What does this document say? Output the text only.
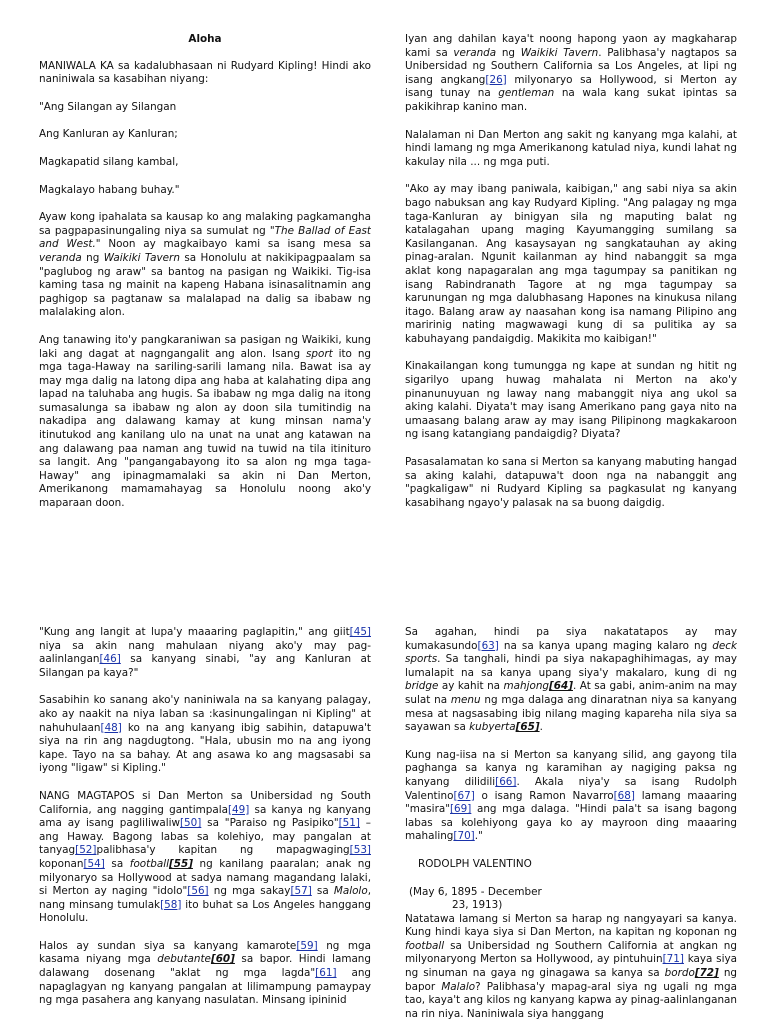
Aloha

MANIWALA KA sa kadalubhasaan ni Rudyard Kipling! Hindi ako naniniwala sa kasabihan niyang:

"Ang Silangan ay Silangan

Ang Kanluran ay Kanluran;

Magkapatid silang kambal,

Magkalayo habang buhay."

Ayaw kong ipahalata sa kausap ko ang malaking pagkamangha sa pagpapasinungaling niya sa sumulat ng "The Ballad of East and West." Noon ay magkaibayo kami sa isang mesa sa veranda ng Waikiki Tavern sa Honolulu at nakikipagpaalam sa "paglubog ng araw" sa bantog na pasigan ng Waikiki. Tig-isa kaming tasa ng mainit na kapeng Habana isinasalitnamin ang paghigop sa pagtanaw sa malalapad na dalig sa ibabaw ng malalaking alon.

Ang tanawing ito'y pangkaraniwan sa pasigan ng Waikiki, kung laki ang dagat at nagngangalit ang alon. Isang sport ito ng mga taga-Haway na sariling-sarili lamang nila. Bawat isa ay may mga dalig na latong dipa ang haba at kalahating dipa ang lapad na taluhaba ang hugis. Sa ibabaw ng mga dalig na itong sumasalunga sa ibabaw ng alon ay doon sila tumitindig na nakadipa ang dalawang kamay at kung minsan nama'y itinutukod ang kanilang ulo na unat na unat ang katawan na ang dalawang paa naman ang tuwid na tuwid na tila itinituro sa langit. Ang "pangangabayong ito sa alon ng mga taga-Haway" ang ipinagmamalaki sa akin ni Dan Merton, Amerikanong mamamahayag sa Honolulu noong ako'y maparaan doon.

Iyan ang dahilan kaya't noong hapong yaon ay magkaharap kami sa veranda ng Waikiki Tavern. Palibhasa'y nagtapos sa Unibersidad ng Southern California sa Los Angeles, at lipi ng isang angkang[26] milyonaryo sa Hollywood, si Merton ay isang tunay na gentleman na wala kang sukat ipintas sa pakikihrap kanino man.

Nalalaman ni Dan Merton ang sakit ng kanyang mga kalahi, at hindi lamang ng mga Amerikanong katulad niya, kundi lahat ng kakulay nila ... ng mga puti.

"Ako ay may ibang paniwala, kaibigan," ang sabi niya sa akin bago nabuksan ang kay Rudyard Kipling. "Ang palagay ng mga taga-Kanluran ay binigyan sila ng maputing balat ng katalagahan upang maging Kayumangging sumilang sa Kasilanganan. Ang kasaysayan ng sangkatauhan ay aking pinag-aralan. Ngunit kailanman ay hind nabanggit sa mga aklat kong napagaralan ang mga tagumpay sa panitikan ng isang Rabindranath Tagore at ng mga tagumpay sa karunungan ng mga dalubhasang Hapones na kinukusa nilang itago. Balang araw ay naasahan kong isa namang Pilipino ang maririnig nating magwawagi kung di sa pulitika ay sa kabuhayang pandaigdig. Makikita mo kaibigan!"

Kinakailangan kong tumungga ng kape at sundan ng hitit ng sigarilyo upang huwag mahalata ni Merton na ako'y pinanunuyuan ng laway nang mabanggit niya ang ukol sa aking kalahi. Diyata't may isang Amerikano pang gaya nito na umaasang balang araw ay may isang Pilipinong magkakaroon ng isang katangiang pandaigdig? Diyata?

Pasasalamatan ko sana si Merton sa kanyang mabuting hangad sa aking kalahi, datapuwa't doon nga na nabanggit ang "pagkaligaw" ni Rudyard Kipling sa pagkasulat ng kanyang kasabihang ngayo'y palasak na sa buong daigdig.

"Kung ang langit at lupa'y maaaring paglapitin," ang giit[45] niya sa akin nang mahulaan niyang ako'y may pag-aalinlangan[46] sa kanyang sinabi, "ay ang Kanluran at Silangan pa kaya?"

Sasabihin ko sanang ako'y naniniwala na sa kanyang palagay, ako ay naakit na niya laban sa :kasinungalingan ni Kipling" at nahuhulaan[48] ko na ang kanyang ibig sabihin, datapuwa't siya na rin ang nagdugtong. "Hala, ubusin mo na ang iyong kape. Tayo na sa bahay. At ang asawa ko ang magsasabi sa iyong "ligaw" si Kipling."

NANG MAGTAPOS si Dan Merton sa Unibersidad ng South California, ang nagging gantimpala[49] sa kanya ng kanyang ama ay isang pagliliwaliw[50] sa "Paraiso ng Pasipiko"[51] – ang Haway. Bagong labas sa kolehiyo, may pangalan at tanyag[52]palibhasa'y kapitan ng mapagwaging[53] koponan[54] sa football[55] ng kanilang paaralan; anak ng milyonaryo sa Hollywood at sadya namang magandang lalaki, si Merton ay naging "idolo"[56] ng mga sakay[57] sa Malolo, nang minsang tumulak[58] ito buhat sa Los Angeles hanggang Honolulu.

Halos ay sundan siya sa kanyang kamarote[59] ng mga kasama niyang mga debutante[60] sa bapor. Hindi lamang dalawang dosenang "aklat ng mga lagda"[61] ang napaglagyan ng kanyang pangalan at lilimampung pamaypay ng mga pasahera ang kanyang nasulatan. Minsang ipininid

Sa agahan, hindi pa siya nakatatapos ay may kumakasundo[63] na sa kanya upang maging kalaro ng deck sports. Sa tanghali, hindi pa siya nakapaghihimagas, ay may lumalapit na sa kanya upang siya'y makalaro, kung di ng bridge ay kahit na mahjong[64]. At sa gabi, anim-anim na may sulat na menu ng mga dalaga ang dinaratnan niya sa kanyang mesa at nagsasabing ibig nilang maging kapareha nila siya sa sayawan sa kubyerta[65].

Kung nag-iisa na si Merton sa kanyang silid, ang gayong tila paghanga sa kanya ng karamihan ay nagiging paksa ng kanyang dilidili[66]. Akala niya'y sa isang Rudolph Valentino[67] o isang Ramon Navarro[68] lamang maaaring "masira"[69] ang mga dalaga. "Hindi pala't sa isang bagong labas sa kolehiyong gaya ko ay mayroon ding maaaring mahaling[70]."

RODOLPH VALENTINO

(May 6, 1895 - December

23, 1913)

Natatawa lamang si Merton sa harap ng nangyayari sa kanya. Kung hindi kaya siya si Dan Merton, na kapitan ng koponan ng football sa Unibersidad ng Southern California at angkan ng milyonaryong Merton sa Hollywood, ay pintuhuin[71] kaya siya ng sinuman na gaya ng ginagawa sa kanya sa bordo[72] ng bapor Malalo? Palibhasa'y mapag-aral siya ng ugali ng mga tao, kaya't ang kilos ng kanyang kapwa ay pinag-aalinlanganan na rin niya. Naniniwala siya hanggang
